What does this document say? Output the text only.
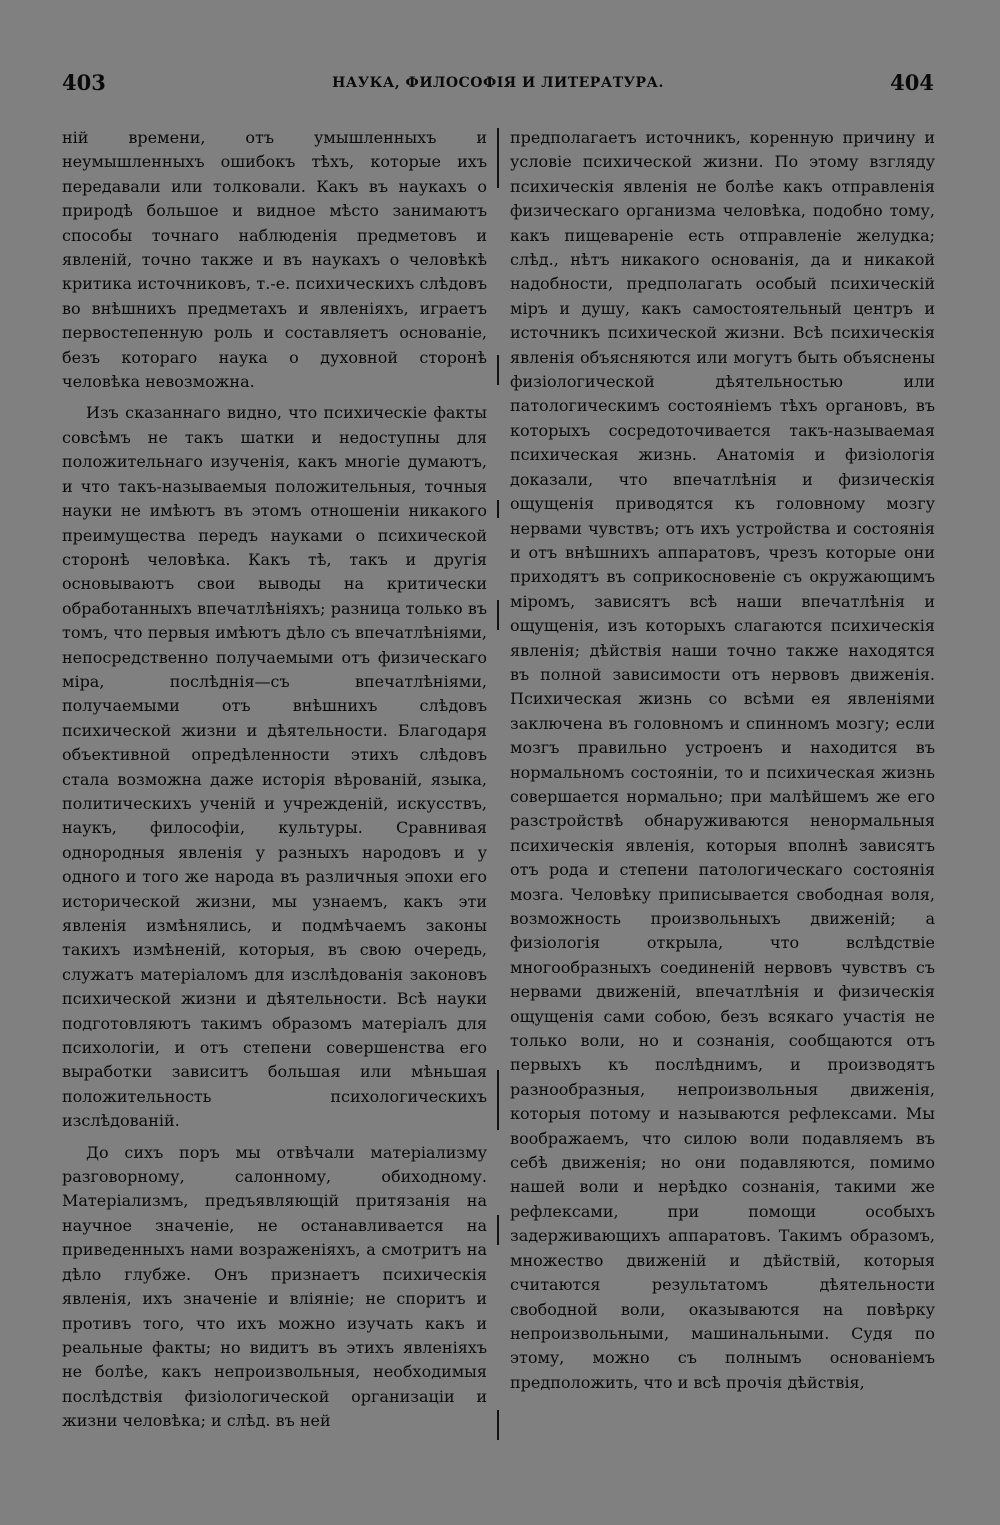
403	НАУКА, ФИЛОСОФІЯ И ЛИТЕРАТУРА.	404

ній времени, отъ умышленныхъ и неумышленныхъ ошибокъ тѣхъ, которые ихъ передавали или толковали. Какъ въ наукахъ о природѣ большое и видное мѣсто занимаютъ способы точнаго наблюденія предметовъ и явленій, точно также и въ наукахъ о человѣкѣ критика источниковъ, т.-е. психическихъ слѣдовъ во внѣшнихъ предметахъ и явленіяхъ, играетъ первостепенную роль и составляетъ основаніе, безъ котораго наука о духовной сторонѣ человѣка невозможна.

Изъ сказаннаго видно, что психическіе факты совсѣмъ не такъ шатки и недоступны для положительнаго изученія, какъ многіе думаютъ, и что такъ-называемыя положительныя, точныя науки не имѣютъ въ этомъ отношеніи никакого преимущества передъ науками о психической сторонѣ человѣка. Какъ тѣ, такъ и другія основываютъ свои выводы на критически обработанныхъ впечатлѣніяхъ; разница только въ томъ, что первыя имѣютъ дѣло съ впечатлѣніями, непосредственно получаемыми отъ физическаго міра, послѣднія—съ впечатлѣніями, получаемыми отъ внѣшнихъ слѣдовъ психической жизни и дѣятельности. Благодаря объективной опредѣленности этихъ слѣдовъ стала возможна даже исторія вѣрованій, языка, политическихъ ученій и учрежденій, искусствъ, наукъ, философіи, культуры. Сравнивая однородныя явленія у разныхъ народовъ и у одного и того же народа въ различныя эпохи его исторической жизни, мы узнаемъ, какъ эти явленія измѣнялись, и подмѣчаемъ законы такихъ измѣненій, которыя, въ свою очередь, служатъ матеріаломъ для изслѣдованія законовъ психической жизни и дѣятельности. Всѣ науки подготовляютъ такимъ образомъ матеріалъ для психологіи, и отъ степени совершенства его выработки зависитъ большая или мѣньшая положительность психологическихъ изслѣдованій.

До сихъ поръ мы отвѣчали матеріализму разговорному, салонному, обиходному. Матеріализмъ, предъявляющій притязанія на научное значеніе, не останавливается на приведенныхъ нами возраженіяхъ, а смотритъ на дѣло глубже. Онъ признаетъ психическія явленія, ихъ значеніе и вліяніе; не споритъ и противъ того, что ихъ можно изучать какъ и реальные факты; но видитъ въ этихъ явленіяхъ не болѣе, какъ непроизвольныя, необходимыя послѣдствія физіологической организаціи и жизни человѣка; и слѣд. въ ней

предполагаетъ источникъ, коренную причину и условіе психической жизни. По этому взгляду психическія явленія не болѣе какъ отправленія физическаго организма человѣка, подобно тому, какъ пищевареніе есть отправленіе желудка; слѣд., нѣтъ никакого основанія, да и никакой надобности, предполагать особый психическій міръ и душу, какъ самостоятельный центръ и источникъ психической жизни. Всѣ психическія явленія объясняются или могутъ быть объяснены физіологической дѣятельностью или патологическимъ состояніемъ тѣхъ органовъ, въ которыхъ сосредоточивается такъ-называемая психическая жизнь. Анатомія и физіологія доказали, что впечатлѣнія и физическія ощущенія приводятся къ головному мозгу нервами чувствъ; отъ ихъ устройства и состоянія и отъ внѣшнихъ аппаратовъ, чрезъ которые они приходятъ въ соприкосновеніе съ окружающимъ міромъ, зависятъ всѣ наши впечатлѣнія и ощущенія, изъ которыхъ слагаются психическія явленія; дѣйствія наши точно также находятся въ полной зависимости отъ нервовъ движенія. Психическая жизнь со всѣми ея явленіями заключена въ головномъ и спинномъ мозгу; если мозгъ правильно устроенъ и находится въ нормальномъ состояніи, то и психическая жизнь совершается нормально; при малѣйшемъ же его разстройствѣ обнаруживаются ненормальныя психическія явленія, которыя вполнѣ зависятъ отъ рода и степени патологическаго состоянія мозга. Человѣку приписывается свободная воля, возможность произвольныхъ движеній; а физіологія открыла, что вслѣдствіе многообразныхъ соединеній нервовъ чувствъ съ нервами движеній, впечатлѣнія и физическія ощущенія сами собою, безъ всякаго участія не только воли, но и сознанія, сообщаются отъ первыхъ къ послѣднимъ, и производятъ разнообразныя, непроизвольныя движенія, которыя потому и называются рефлексами. Мы воображаемъ, что силою воли подавляемъ въ себѣ движенія; но они подавляются, помимо нашей воли и нерѣдко сознанія, такими же рефлексами, при помощи особыхъ задерживающихъ аппаратовъ. Такимъ образомъ, множество движеній и дѣйствій, которыя считаются результатомъ дѣятельности свободной воли, оказываются на повѣрку непроизвольными, машинальными. Судя по этому, можно съ полнымъ основаніемъ предположить, что и всѣ прочія дѣйствія,
